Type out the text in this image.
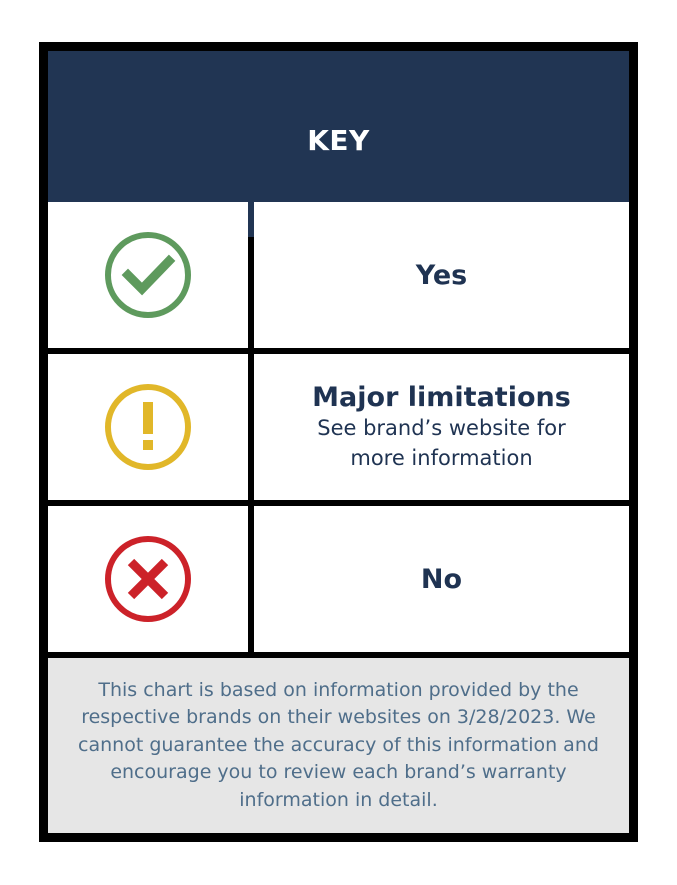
KEY
Yes
Major limitations
See brand’s website for more information
No
This chart is based on information provided by the respective brands on their websites on 3/28/2023. We cannot guarantee the accuracy of this information and encourage you to review each brand’s warranty information in detail.
